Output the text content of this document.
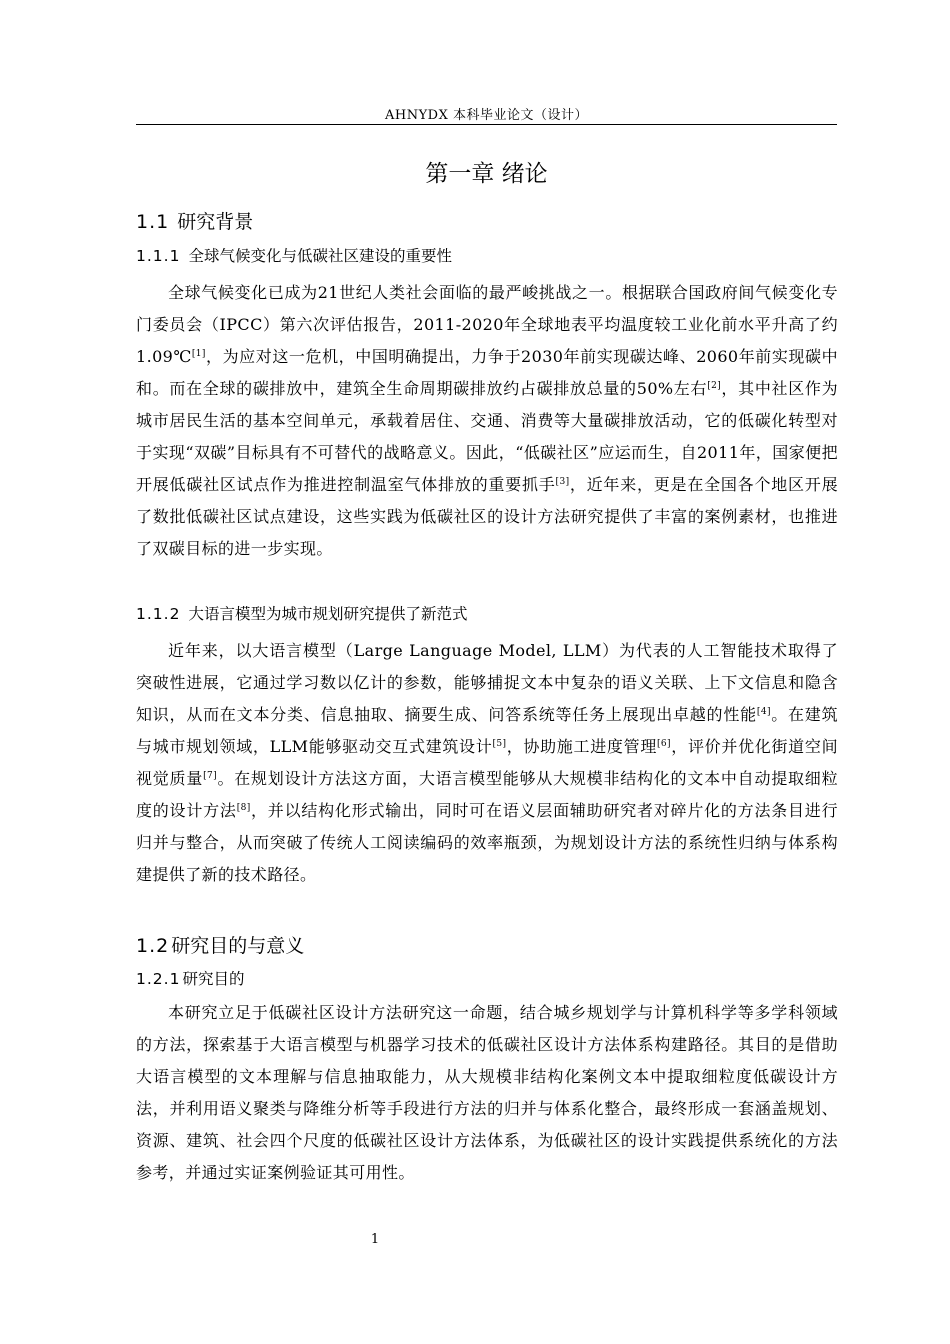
AHNYDX 本科毕业论文（设计）
第一章 绪论
1.1 研究背景
1.1.1 全球气候变化与低碳社区建设的重要性

全球气候变化已成为21世纪人类社会面临的最严峻挑战之一。根据联合国政府间气候变化专门委员会（IPCC）第六次评估报告，2011-2020年全球地表平均温度较工业化前水平升高了约1.09℃[1]，为应对这一危机，中国明确提出，力争于2030年前实现碳达峰、2060年前实现碳中和。而在全球的碳排放中，建筑全生命周期碳排放约占碳排放总量的50%左右[2]，其中社区作为城市居民生活的基本空间单元，承载着居住、交通、消费等大量碳排放活动，它的低碳化转型对于实现“双碳”目标具有不可替代的战略意义。因此，“低碳社区”应运而生，自2011年，国家便把开展低碳社区试点作为推进控制温室气体排放的重要抓手[3]，近年来，更是在全国各个地区开展了数批低碳社区试点建设，这些实践为低碳社区的设计方法研究提供了丰富的案例素材，也推进了双碳目标的进一步实现。

1.1.2 大语言模型为城市规划研究提供了新范式

近年来，以大语言模型（Large Language Model, LLM）为代表的人工智能技术取得了突破性进展，它通过学习数以亿计的参数，能够捕捉文本中复杂的语义关联、上下文信息和隐含知识，从而在文本分类、信息抽取、摘要生成、问答系统等任务上展现出卓越的性能[4]。在建筑与城市规划领域，LLM能够驱动交互式建筑设计[5]，协助施工进度管理[6]，评价并优化街道空间视觉质量[7]。在规划设计方法这方面，大语言模型能够从大规模非结构化的文本中自动提取细粒度的设计方法[8]，并以结构化形式输出，同时可在语义层面辅助研究者对碎片化的方法条目进行归并与整合，从而突破了传统人工阅读编码的效率瓶颈，为规划设计方法的系统性归纳与体系构建提供了新的技术路径。

1.2 研究目的与意义
1.2.1 研究目的

本研究立足于低碳社区设计方法研究这一命题，结合城乡规划学与计算机科学等多学科领域的方法，探索基于大语言模型与机器学习技术的低碳社区设计方法体系构建路径。其目的是借助大语言模型的文本理解与信息抽取能力，从大规模非结构化案例文本中提取细粒度低碳设计方法，并利用语义聚类与降维分析等手段进行方法的归并与体系化整合，最终形成一套涵盖规划、资源、建筑、社会四个尺度的低碳社区设计方法体系，为低碳社区的设计实践提供系统化的方法参考，并通过实证案例验证其可用性。

1
